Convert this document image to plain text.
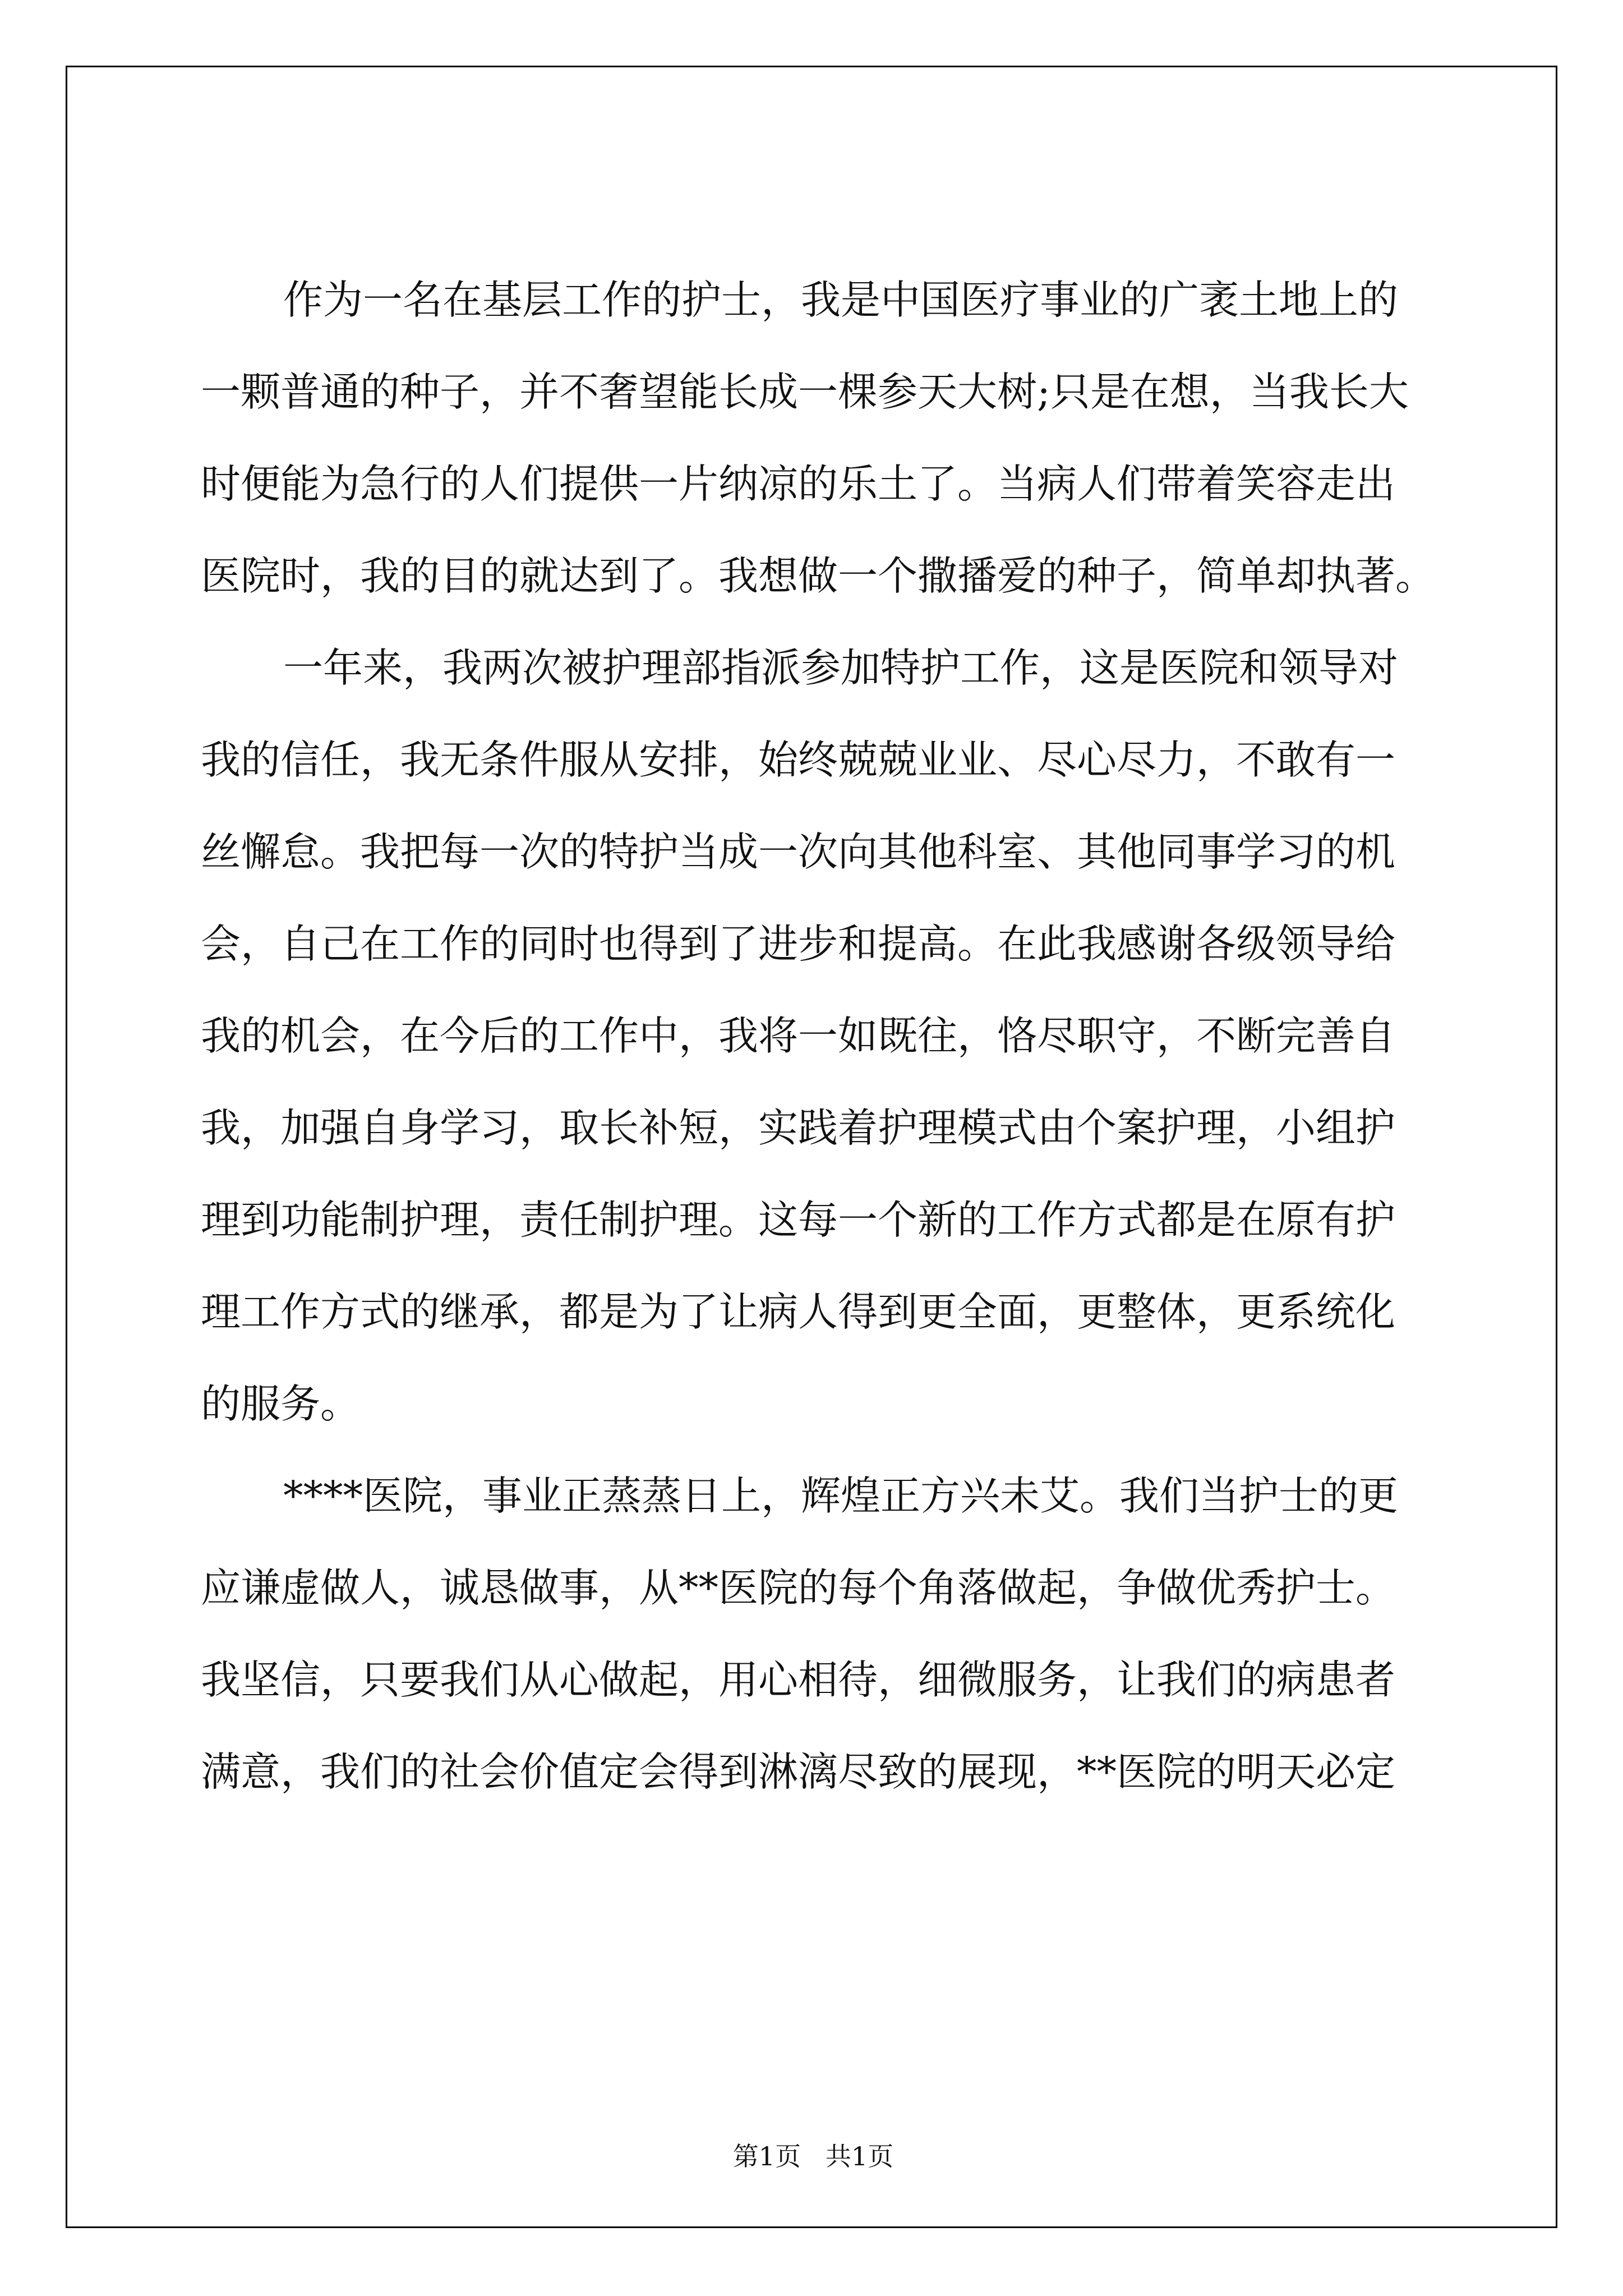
作为一名在基层工作的护士，我是中国医疗事业的广袤土地上的
一颗普通的种子，并不奢望能长成一棵参天大树;只是在想，当我长大
时便能为急行的人们提供一片纳凉的乐土了。当病人们带着笑容走出
医院时，我的目的就达到了。我想做一个撒播爱的种子，简单却执著。
一年来，我两次被护理部指派参加特护工作，这是医院和领导对
我的信任，我无条件服从安排，始终兢兢业业、尽心尽力，不敢有一
丝懈怠。我把每一次的特护当成一次向其他科室、其他同事学习的机
会，自己在工作的同时也得到了进步和提高。在此我感谢各级领导给
我的机会，在今后的工作中，我将一如既往，恪尽职守，不断完善自
我，加强自身学习，取长补短，实践着护理模式由个案护理，小组护
理到功能制护理，责任制护理。这每一个新的工作方式都是在原有护
理工作方式的继承，都是为了让病人得到更全面，更整体，更系统化
的服务。
****医院，事业正蒸蒸日上，辉煌正方兴未艾。我们当护士的更
应谦虚做人，诚恳做事，从**医院的每个角落做起，争做优秀护士。
我坚信，只要我们从心做起，用心相待，细微服务，让我们的病患者
满意，我们的社会价值定会得到淋漓尽致的展现，**医院的明天必定
第1页   共1页
